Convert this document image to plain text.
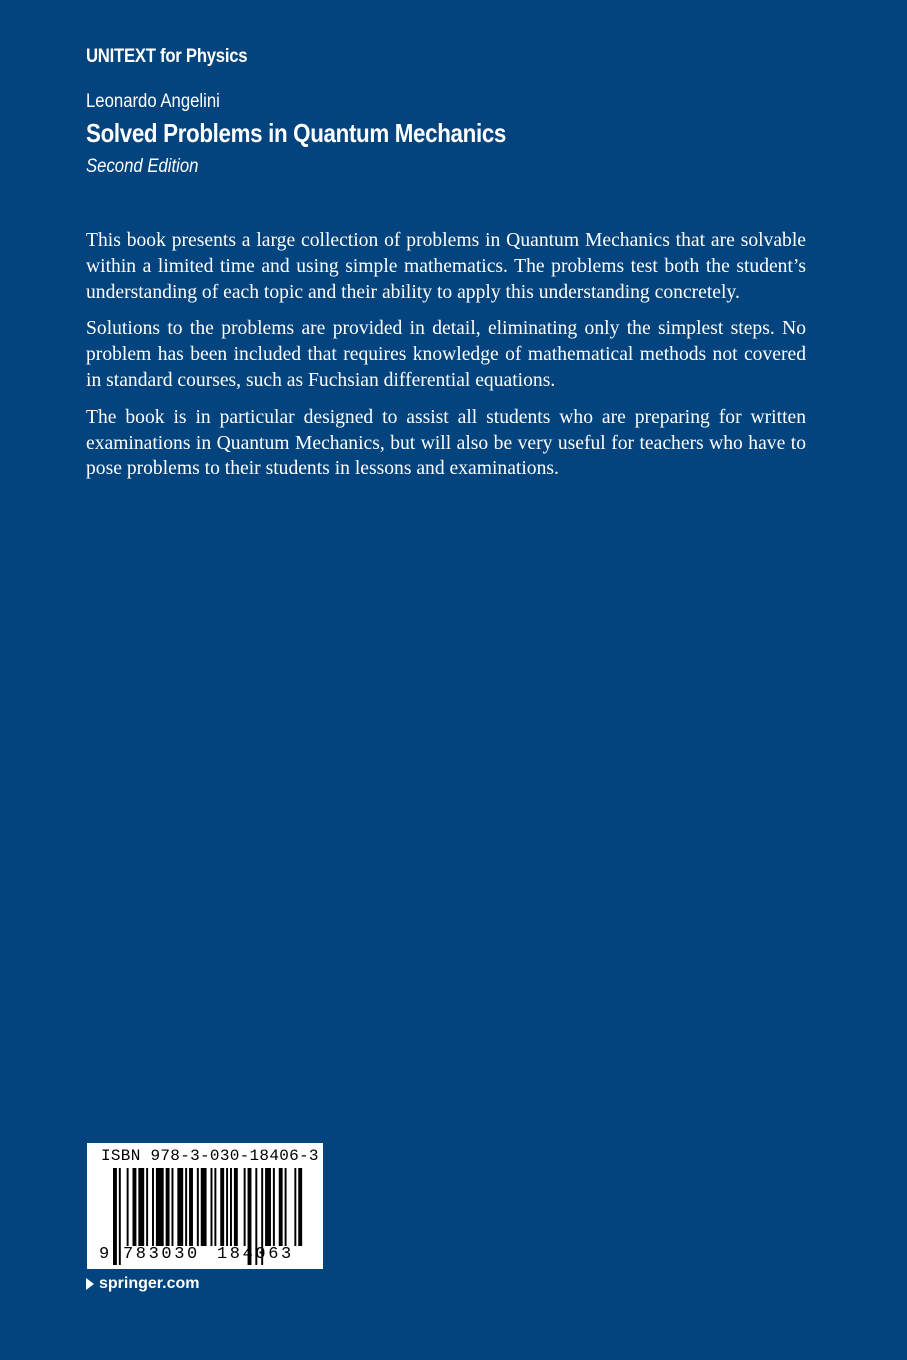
UNITEXT for Physics
Leonardo Angelini
Solved Problems in Quantum Mechanics
Second Edition

This book presents a large collection of problems in Quantum Mechanics that are solvable within a limited time and using simple mathematics. The problems test both the student’s understanding of each topic and their ability to apply this understanding concretely.

Solutions to the problems are provided in detail, eliminating only the simplest steps. No problem has been included that requires knowledge of mathematical methods not covered in standard courses, such as Fuchsian differential equations.

The book is in particular designed to assist all students who are preparing for written examinations in Quantum Mechanics, but will also be very useful for teachers who have to pose problems to their students in lessons and examinations.

ISBN 978-3-030-18406-3
9 783030 184063
springer.com
